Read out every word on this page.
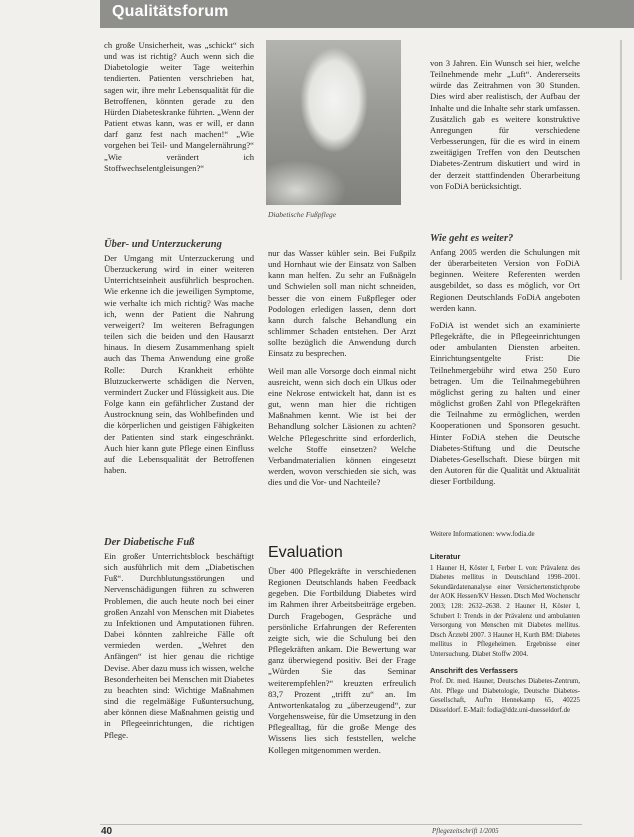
Qualitätsforum

ch große Unsicherheit, was „schickt“ sich und was ist richtig? Auch wenn sich die Diabetologie weiter Tage weiterhin tendierten. Patienten verschrieben hat, sagen wir, ihre mehr Lebensqualität für die Betroffenen, könnten gerade zu den Hürden Diabeteskranke führten. „Wenn der Patient etwas kann, was er will, er dann darf ganz fest nach machen!“ „Wie vorgehen bei Teil- und Mangelernährung?“ „Wie verändert ich Stoffwechselentgleisungen?“

Über- und Unterzuckerung

Der Umgang mit Unterzuckerung und Überzuckerung wird in einer weiteren Unterrichtseinheit ausführlich besprochen. Wie erkenne ich die jeweiligen Symptome, wie verhalte ich mich richtig? Was mache ich, wenn der Patient die Nahrung verweigert? Im weiteren Befragungen teilen sich die beiden und den Hausarzt hinaus. In diesem Zusammenhang spielt auch das Thema Anwendung eine große Rolle: Durch Krankheit erhöhte Blutzuckerwerte schädigen die Nerven, vermindert Zucker und Flüssigkeit aus. Die Folge kann ein gefährlicher Zustand der Austrocknung sein, das Wohlbefinden und die körperlichen und geistigen Fähigkeiten der Patienten sind stark eingeschränkt. Auch hier kann gute Pflege einen Einfluss auf die Lebensqualität der Betroffenen haben.

Der Diabetische Fuß

Ein großer Unterrichtsblock beschäftigt sich ausführlich mit dem „Diabetischen Fuß“. Durchblutungsstörungen und Nervenschädigungen führen zu schweren Problemen, die auch heute noch bei einer großen Anzahl von Menschen mit Diabetes zu Infektionen und Amputationen führen. Dabei könnten zahlreiche Fälle oft vermieden werden. „Wehret den Anfängen“ ist hier genau die richtige Devise. Aber dazu muss ich wissen, welche Besonderheiten bei Menschen mit Diabetes zu beachten sind: Wichtige Maßnahmen sind die regelmäßige Fußuntersuchung, aber können diese Maßnahmen geistig und in Pflegeeinrichtungen, die richtigen Pflege.

Diabetische Fußpflege

nur das Wasser kühler sein. Bei Fußpilz und Hornhaut wie der Einsatz von Salben kann man helfen. Zu sehr an Fußnägeln und Schwielen soll man nicht schneiden, besser die von einem Fußpfleger oder Podologen erledigen lassen, denn dort kann durch falsche Behandlung ein schlimmer Schaden entstehen. Der Arzt sollte bezüglich die Anwendung durch Einsatz zu besprechen.

Weil man alle Vorsorge doch einmal nicht ausreicht, wenn sich doch ein Ulkus oder eine Nekrose entwickelt hat, dann ist es gut, wenn man hier die richtigen Maßnahmen kennt. Wie ist bei der Behandlung solcher Läsionen zu achten? Welche Pflegeschritte sind erforderlich, welche Stoffe einsetzen? Welche Verbandmaterialien können eingesetzt werden, wovon verschieden sie sich, was dies und die Vor- und Nachteile?

Evaluation

Über 400 Pflegekräfte in verschiedenen Regionen Deutschlands haben Feedback gegeben. Die Fortbildung Diabetes wird im Rahmen ihrer Arbeitsbeiträge ergeben. Durch Fragebogen, Gespräche und persönliche Erfahrungen der Referenten zeigte sich, wie die Schulung bei den Pflegekräften ankam. Die Bewertung war ganz überwiegend positiv. Bei der Frage „Würden Sie das Seminar weiterempfehlen?“ kreuzten erfreulich 83,7 Prozent „trifft zu“ an. Im Antwortenkatalog zu „überzeugend“, zur Vorgehensweise, für die Umsetzung in den Pflegealltag, für die große Menge des Wissens lies sich feststellen, welche Kollegen mitgenommen werden.

von 3 Jahren. Ein Wunsch sei hier, welche Teilnehmende mehr „Luft“. Andererseits würde das Zeitrahmen von 30 Stunden. Dies wird aber realistisch, der Aufbau der Inhalte und die Inhalte sehr stark umfassen. Zusätzlich gab es weitere konstruktive Anregungen für verschiedene Verbesserungen, für die es wird in einem zweitägigen Treffen von den Deutschen Diabetes-Zentrum diskutiert und wird in der derzeit stattfindenden Überarbeitung von FoDiA berücksichtigt.

Wie geht es weiter?

Anfang 2005 werden die Schulungen mit der überarbeiteten Version von FoDiA beginnen. Weitere Referenten werden ausgebildet, so dass es möglich, vor Ort Regionen Deutschlands FoDiA angeboten werden kann.

FoDiA ist wendet sich an examinierte Pflegekräfte, die in Pflegeeinrichtungen oder ambulanten Diensten arbeiten. Einrichtungsentgelte Frist: Die Teilnehmergebühr wird etwa 250 Euro betragen. Um die Teilnahmegebühren möglichst gering zu halten und einer möglichst großen Zahl von Pflegekräften die Teilnahme zu ermöglichen, werden Kooperationen und Sponsoren gesucht. Hinter FoDiA stehen die Deutsche Diabetes-Stiftung und die Deutsche Diabetes-Gesellschaft. Diese bürgen mit den Autoren für die Qualität und Aktualität dieser Fortbildung.

Weitere Informationen: www.fodia.de

Literatur

1 Hauner H, Köster I, Ferber L von: Prävalenz des Diabetes mellitus in Deutschland 1998–2001. Sekundärdatenanalyse einer Versichertenstichprobe der AOK Hessen/KV Hessen. Dtsch Med Wochenschr 2003; 128: 2632–2638. 2 Hauner H, Köster I, Schubert I: Trends in der Prävalenz und ambulanten Versorgung von Menschen mit Diabetes mellitus. Dtsch Ärztebl 2007. 3 Hauner H, Kurth BM: Diabetes mellitus in Pflegeheimen. Ergebnisse einer Untersuchung. Diabet Stoffw 2004.

Anschrift des Verfassers

Prof. Dr. med. Hauner, Deutsches Diabetes-Zentrum, Abt. Pflege und Diabetologie, Deutsche Diabetes-Gesellschaft, Auf'm Hennekamp 65, 40225 Düsseldorf. E-Mail: fodia@ddz.uni-duesseldorf.de

40	Pflegezeitschrift 1/2005
